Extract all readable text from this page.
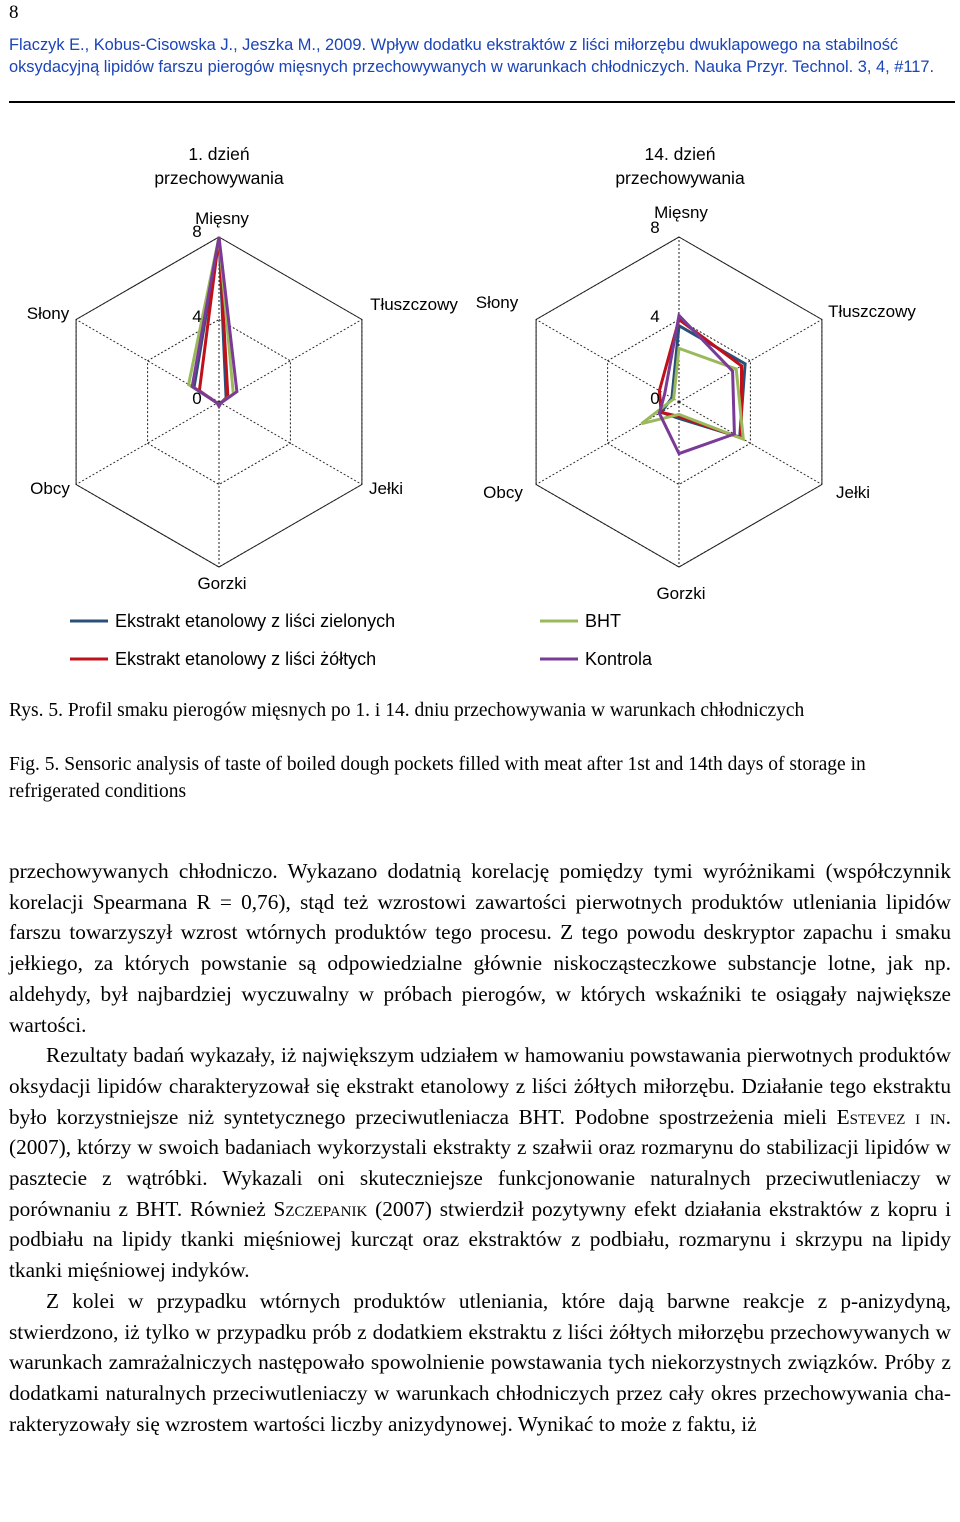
8
Flaczyk E., Kobus-Cisowska J., Jeszka M., 2009. Wpływ dodatku ekstraktów z liści miłorzębu dwuklapowego na stabilność oksydacyjną lipidów farszu pierogów mięsnych przechowywanych w warunkach chłodniczych. Nauka Przyr. Technol. 3, 4, #117.
1. dzień przechowywania
Mięsny
Tłuszczowy
Jełki
Gorzki
Obcy
Słony
0
4
8
14. dzień przechowywania
Mięsny
Tłuszczowy
Jełki
Gorzki
Obcy
Słony
0
4
8
Ekstrakt etanolowy z liści zielonych
Ekstrakt etanolowy z liści żółtych
BHT
Kontrola
Rys. 5. Profil smaku pierogów mięsnych po 1. i 14. dniu przechowywania w warunkach chłodniczych
Fig. 5. Sensoric analysis of taste of boiled dough pockets filled with meat after 1st and 14th days of storage in refrigerated conditions

przechowywanych chłodniczo. Wykazano dodatnią korelację pomiędzy tymi wyróżnikami (współczynnik korelacji Spearmana R = 0,76), stąd też wzrostowi zawartości pierwotnych produktów utleniania lipidów farszu towarzyszył wzrost wtórnych produktów tego procesu. Z tego powodu deskryptor zapachu i smaku jełkiego, za których powstanie są odpowiedzialne głównie niskocząsteczkowe substancje lotne, jak np. aldehydy, był najbardziej wyczuwalny w próbach pierogów, w których wskaźniki te osiągały największe wartości.

Rezultaty badań wykazały, iż największym udziałem w hamowaniu powstawania pierwotnych produktów oksydacji lipidów charakteryzował się ekstrakt etanolowy z liści żółtych miłorzębu. Działanie tego ekstraktu było korzystniejsze niż syntetycznego przeciwutleniacza BHT. Podobne spostrzeżenia mieli Estevez i in. (2007), którzy w swoich badaniach wykorzystali ekstrakty z szałwii oraz rozmarynu do stabilizacji lipidów w pasztecie z wątróbki. Wykazali oni skuteczniejsze funkcjonowanie naturalnych przeciwutleniaczy w porównaniu z BHT. Również Szczepanik (2007) stwierdził pozytywny efekt działania ekstraktów z kopru i podbiału na lipidy tkanki mięśniowej kurcząt oraz ekstraktów z podbiału, rozmarynu i skrzypu na lipidy tkanki mięśniowej indyków.

Z kolei w przypadku wtórnych produktów utleniania, które dają barwne reakcje z p-anizydyną, stwierdzono, iż tylko w przypadku prób z dodatkiem ekstraktu z liści żółtych miłorzębu przechowywanych w warunkach zamrażalniczych następowało spowolnienie powstawania tych niekorzystnych związków. Próby z dodatkami naturalnych przeciwutleniaczy w warunkach chłodniczych przez cały okres przechowywania charakteryzowały się wzrostem wartości liczby anizydynowej. Wynikać to może z faktu, iż
